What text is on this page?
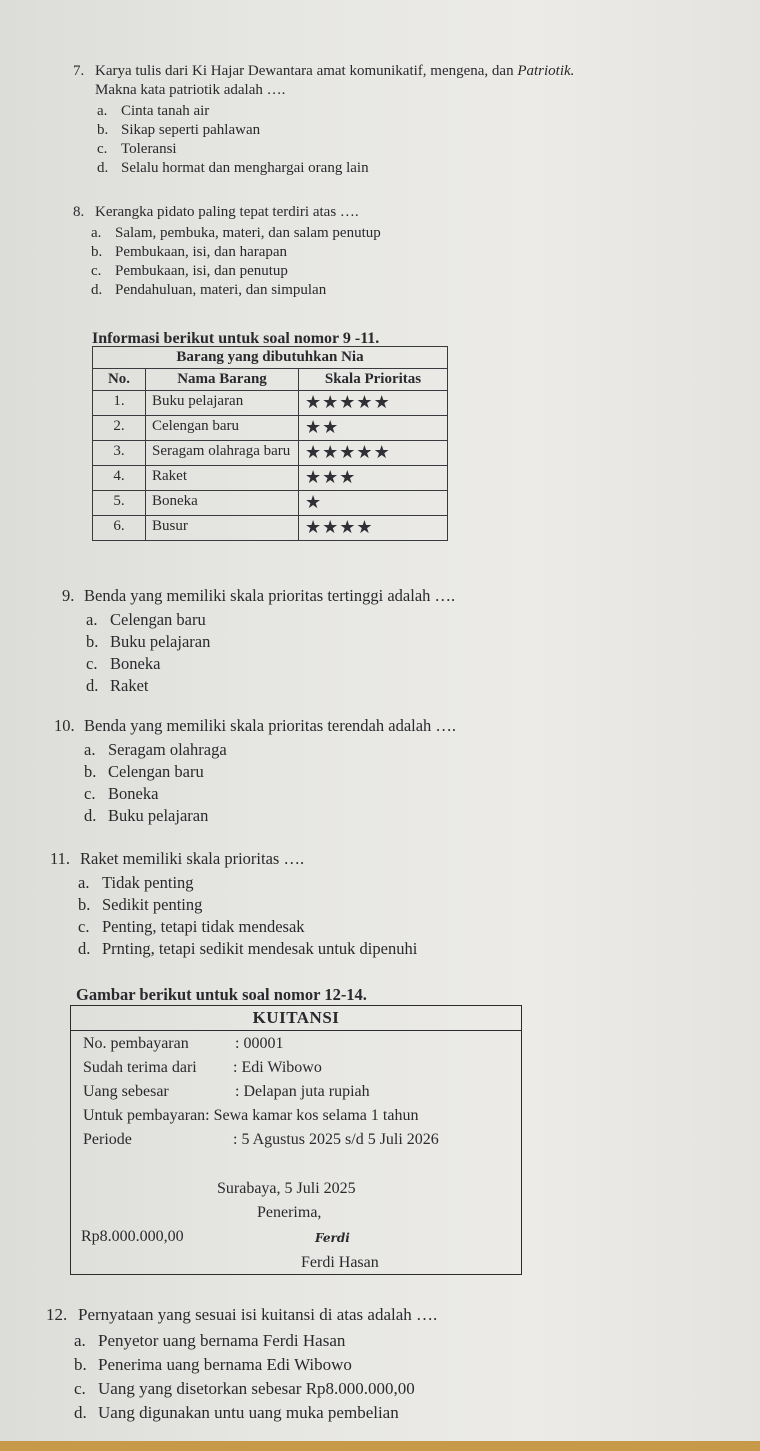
7. Karya tulis dari Ki Hajar Dewantara amat komunikatif, mengena, dan Patriotik.
Makna kata patriotik adalah ….
a. Cinta tanah air
b. Sikap seperti pahlawan
c. Toleransi
d. Selalu hormat dan menghargai orang lain
8. Kerangka pidato paling tepat terdiri atas ….
a. Salam, pembuka, materi, dan salam penutup
b. Pembukaan, isi, dan harapan
c. Pembukaan, isi, dan penutup
d. Pendahuluan, materi, dan simpulan
Informasi berikut untuk soal nomor 9 -11.
Barang yang dibutuhkan Nia		
No.	Nama Barang	Skala Prioritas
1.	Buku pelajaran	★★★★★
2.	Celengan baru	★★
3.	Seragam olahraga baru	★★★★★
4.	Raket	★★★
5.	Boneka	★
6.	Busur	★★★★
9. Benda yang memiliki skala prioritas tertinggi adalah ….
a. Celengan baru
b. Buku pelajaran
c. Boneka
d. Raket
10. Benda yang memiliki skala prioritas terendah adalah ….
a. Seragam olahraga
b. Celengan baru
c. Boneka
d. Buku pelajaran
11. Raket memiliki skala prioritas ….
a. Tidak penting
b. Sedikit penting
c. Penting, tetapi tidak mendesak
d. Prnting, tetapi sedikit mendesak untuk dipenuhi
Gambar berikut untuk soal nomor 12-14.
KUITANSI
No. pembayaran	: 00001
Sudah terima dari : Edi Wibowo
Uang sebesar	: Delapan juta rupiah
Untuk pembayaran: Sewa kamar kos selama 1 tahun
Periode	: 5 Agustus 2025 s/d 5 Juli 2026
Surabaya, 5 Juli 2025
Penerima,
Rp8.000.000,00	Ferdi
Ferdi Hasan
12. Pernyataan yang sesuai isi kuitansi di atas adalah ….
a. Penyetor uang bernama Ferdi Hasan
b. Penerima uang bernama Edi Wibowo
c. Uang yang disetorkan sebesar Rp8.000.000,00
d. Uang digunakan untu uang muka pembelian
